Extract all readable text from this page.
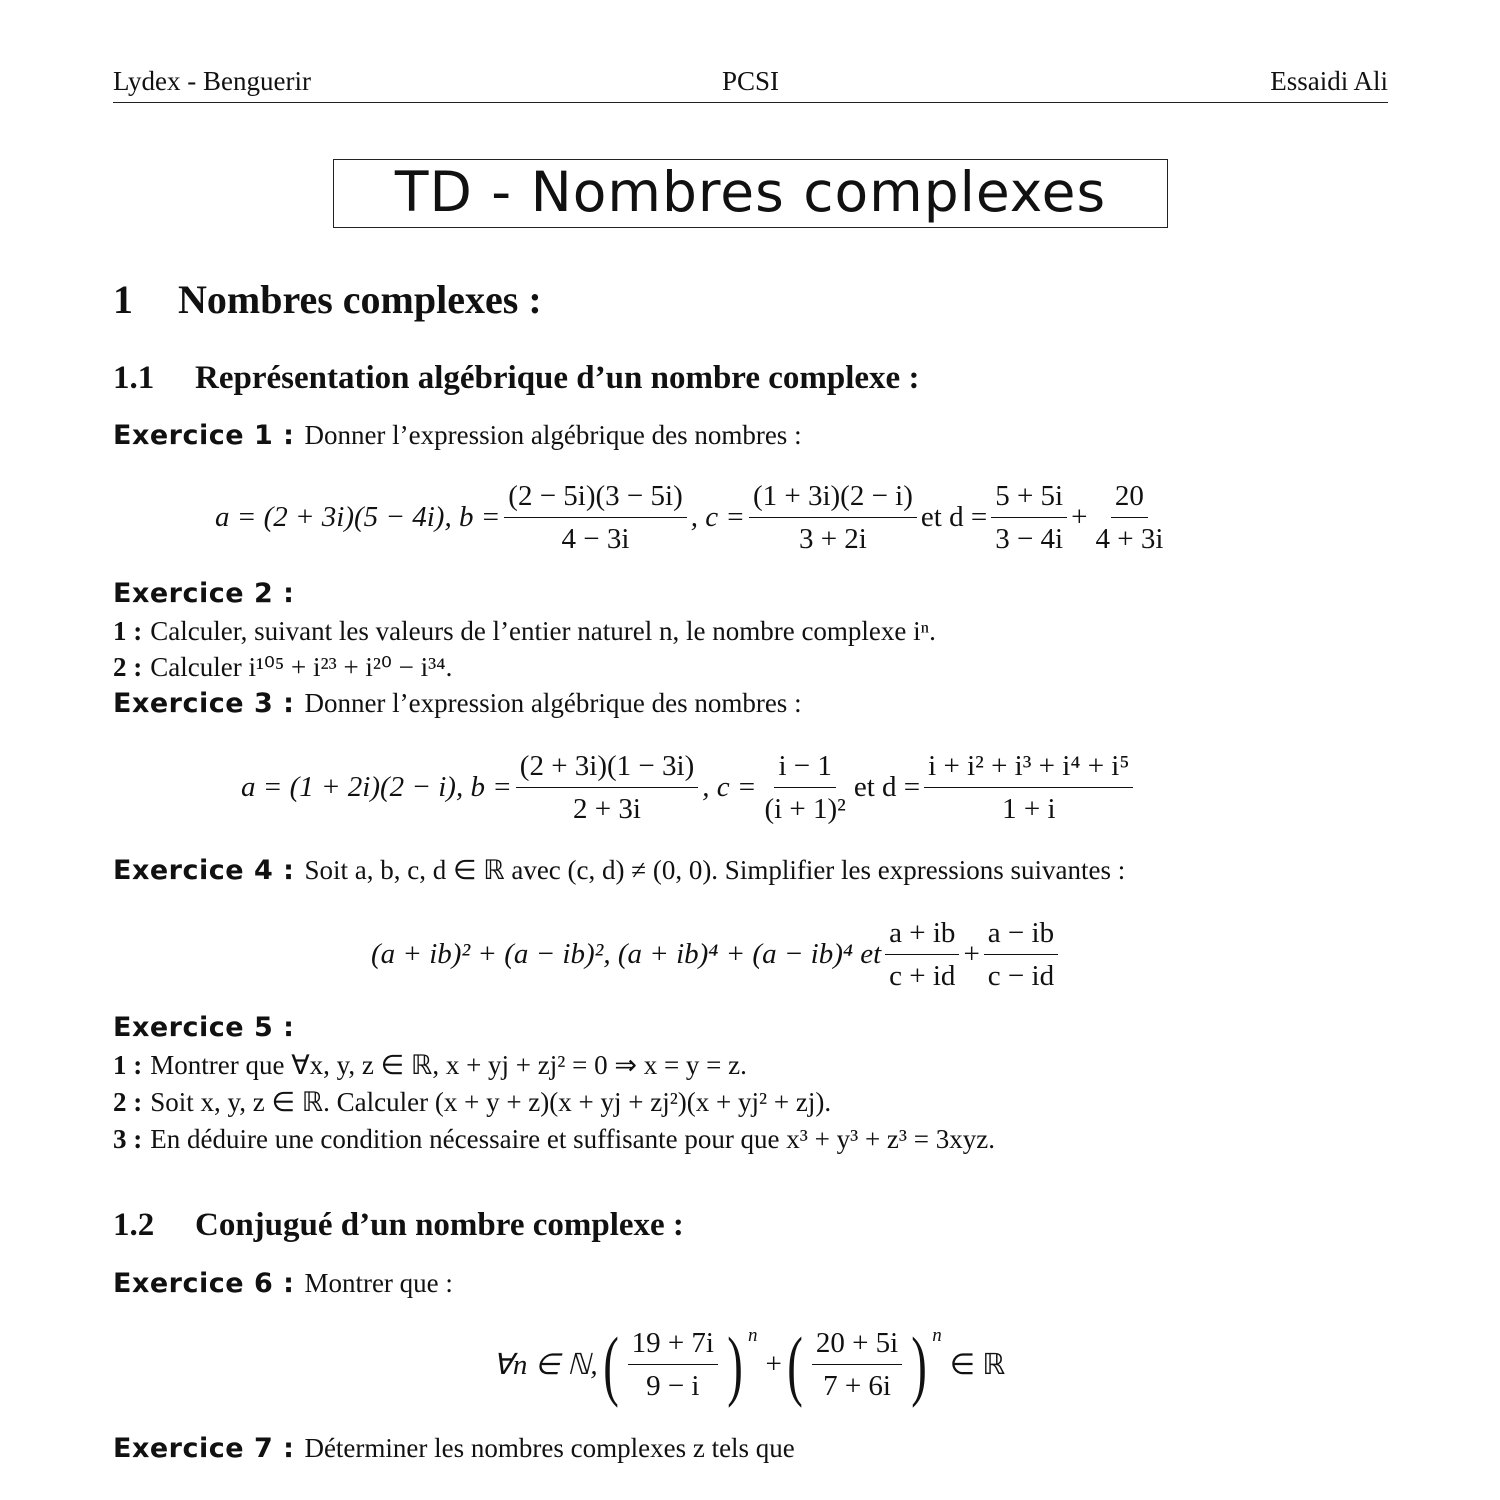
Lydex - Benguerir	PCSI	Essaidi Ali
TD - Nombres complexes
1 Nombres complexes :
1.1 Représentation algébrique d’un nombre complexe :
Exercice 1 : Donner l’expression algébrique des nombres :
a = (2 + 3i)(5 − 4i), $b = \frac{(2 - 5i)(3 - 5i)}{4 - 3i}$ , $c = \frac{(1 + 3i)(2 - i)}{3 + 2i}$ et $d = \frac{5 + 5i}{3 - 4i} + \frac{20}{4 + 3i}$
Exercice 2 :
1 : Calculer, suivant les valeurs de l’entier naturel n, le nombre complexe iⁿ.
2 : Calculer i¹⁰⁵ + i²³ + i²⁰ − i³⁴.
Exercice 3 : Donner l’expression algébrique des nombres :
a = (1 + 2i)(2 − i), $b = \frac{(2 + 3i)(1 - 3i)}{2 + 3i}$ , $c = \frac{i - 1}{\text{(i + 1)²}}$ et $d = \frac{\text{i + i² + i³ + i⁴ + i⁵}}{1 + i}$
Exercice 4 : Soit a, b, c, d ∈ ℝ avec (c, d) ≠ (0, 0). Simplifier les expressions suivantes :
(a + ib)² + (a − ib)², (a + ib)⁴ + (a − ib)⁴ et $\frac{a + ib}{c + id} + \frac{a - ib}{c - id}$
Exercice 5 :
1 : Montrer que ∀x, y, z ∈ ℝ, x + yj + zj² = 0 ⇒ x = y = z.
2 : Soit x, y, z ∈ ℝ. Calculer (x + y + z)(x + yj + zj²)(x + yj² + zj).
3 : En déduire une condition nécessaire et suffisante pour que x³ + y³ + z³ = 3xyz.
1.2 Conjugué d’un nombre complexe :
Exercice 6 : Montrer que :
∀n ∈ ℕ, ( $\frac{19 + 7i}{9 - i}$ ) n
+ ( $\frac{20 + 5i}{7 + 6i}$ ) n
∈ ℝ
Exercice 7 : Déterminer les nombres complexes z tels que
